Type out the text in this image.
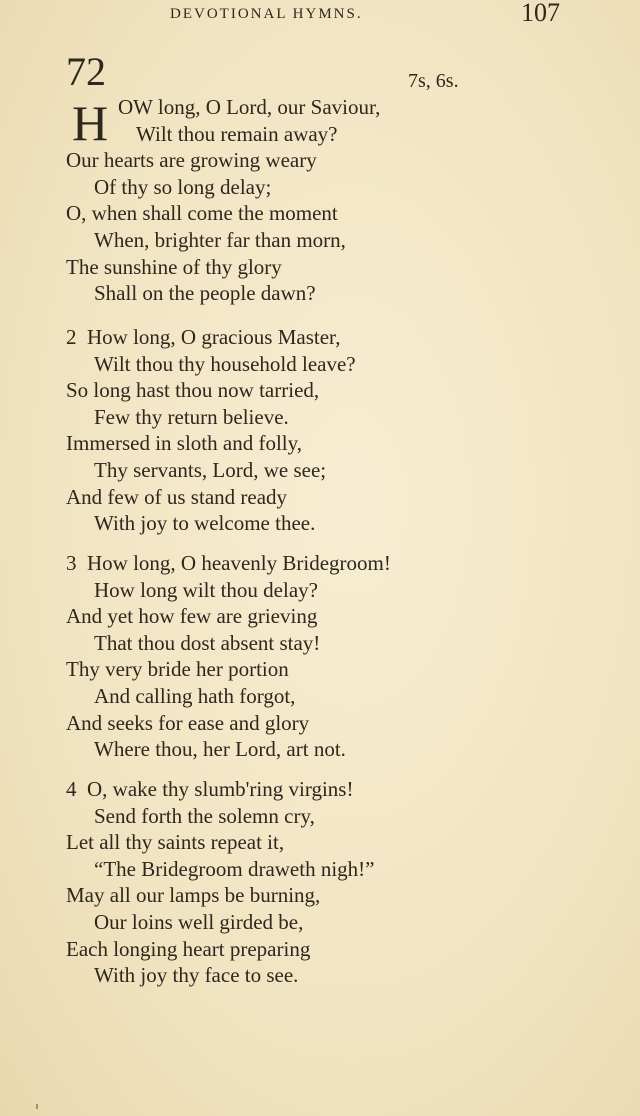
DEVOTIONAL HYMNS.	107
72	7s, 6s.
H OW long, O Lord, our Saviour,
Wilt thou remain away?
Our hearts are growing weary
Of thy so long delay;
O, when shall come the moment
When, brighter far than morn,
The sunshine of thy glory
Shall on the people dawn?
2 How long, O gracious Master,
Wilt thou thy household leave?
So long hast thou now tarried,
Few thy return believe.
Immersed in sloth and folly,
Thy servants, Lord, we see;
And few of us stand ready
With joy to welcome thee.
3 How long, O heavenly Bridegroom!
How long wilt thou delay?
And yet how few are grieving
That thou dost absent stay!
Thy very bride her portion
And calling hath forgot,
And seeks for ease and glory
Where thou, her Lord, art not.
4 O, wake thy slumb'ring virgins!
Send forth the solemn cry,
Let all thy saints repeat it,
“The Bridegroom draweth nigh!”
May all our lamps be burning,
Our loins well girded be,
Each longing heart preparing
With joy thy face to see.
